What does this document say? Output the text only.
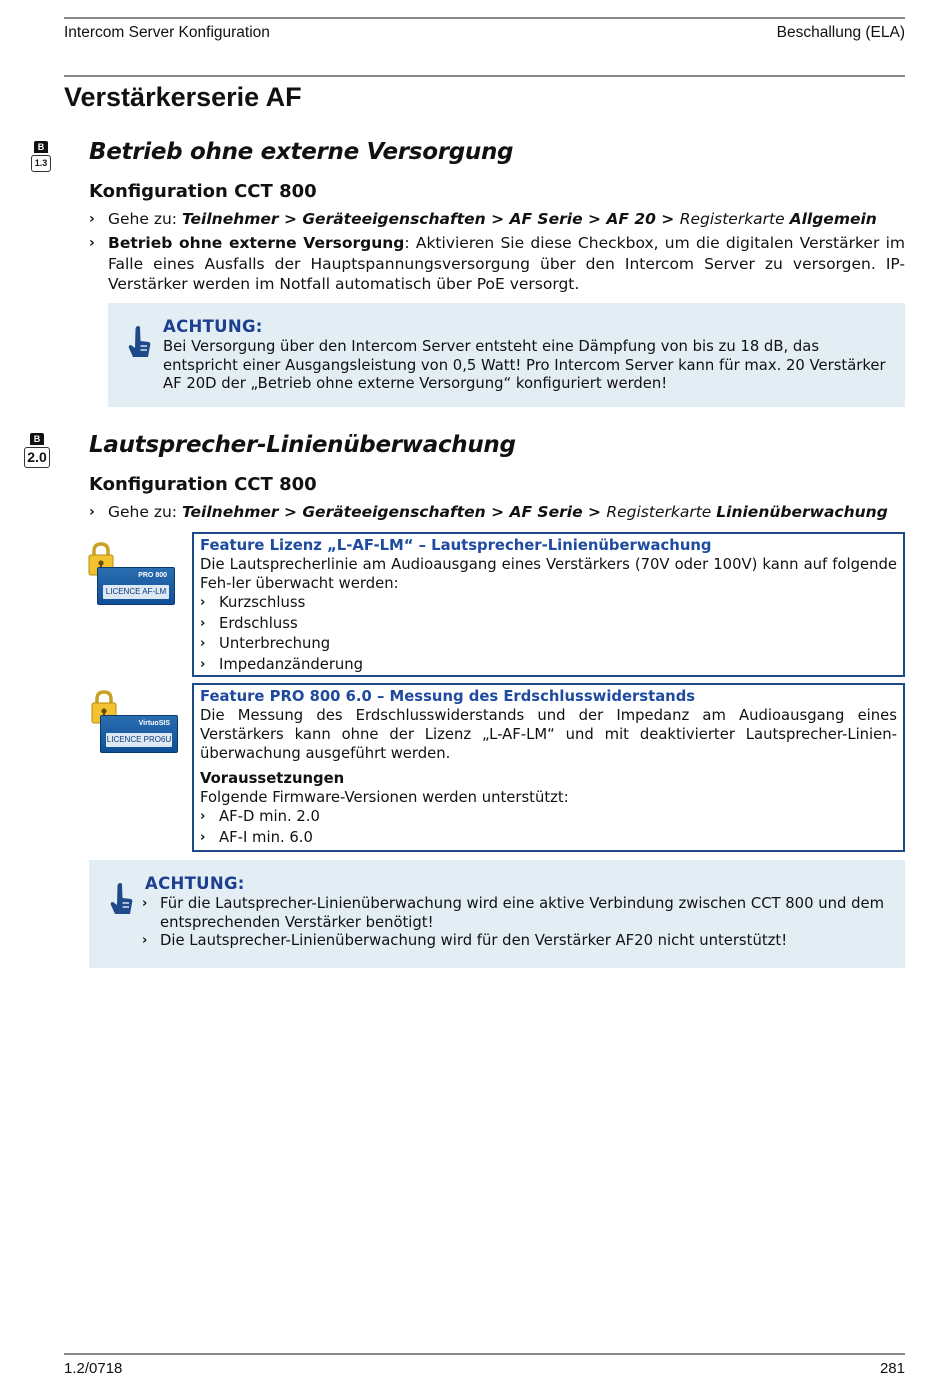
Intercom Server Konfiguration	Beschallung (ELA)
Verstärkerserie AF
B
1.3 Betrieb ohne externe Versorgung
Konfiguration CCT 800
› Gehe zu: Teilnehmer > Geräteeigenschaften > AF Serie > AF 20 > Registerkarte Allgemein
› Betrieb ohne externe Versorgung: Aktivieren Sie diese Checkbox, um die digitalen Verstärker im Falle eines Ausfalls der Hauptspannungsversorgung über den Intercom Server zu versorgen. IP-Verstärker werden im Notfall automatisch über PoE versorgt.
ACHTUNG:
Bei Versorgung über den Intercom Server entsteht eine Dämpfung von bis zu 18 dB, das entspricht einer Ausgangsleistung von 0,5 Watt! Pro Intercom Server kann für max. 20 Verstärker AF 20D der „Betrieb ohne externe Versorgung“ konfiguriert werden!
B
2.0 Lautsprecher-Linienüberwachung
Konfiguration CCT 800
› Gehe zu: Teilnehmer > Geräteeigenschaften > AF Serie > Registerkarte Linienüberwachung
PRO 800
LICENCE AF-LM
Feature Lizenz „L-AF-LM“ – Lautsprecher-Linienüberwachung
Die Lautsprecherlinie am Audioausgang eines Verstärkers (70V oder 100V) kann auf folgende Feh-ler überwacht werden:
› Kurzschluss
› Erdschluss
› Unterbrechung
› Impedanzänderung
VirtuoSIS
LICENCE PRO6U
Feature PRO 800 6.0 – Messung des Erdschlusswiderstands
Die Messung des Erdschlusswiderstands und der Impedanz am Audioausgang eines Verstärkers kann ohne der Lizenz „L-AF-LM“ und mit deaktivierter Lautsprecher-Linien-überwachung ausgeführt werden.
Voraussetzungen
Folgende Firmware-Versionen werden unterstützt:
› AF-D min. 2.0
› AF-I min. 6.0
ACHTUNG:
› Für die Lautsprecher-Linienüberwachung wird eine aktive Verbindung zwischen CCT 800 und dem entsprechenden Verstärker benötigt!
› Die Lautsprecher-Linienüberwachung wird für den Verstärker AF20 nicht unterstützt!
1.2/0718	281
